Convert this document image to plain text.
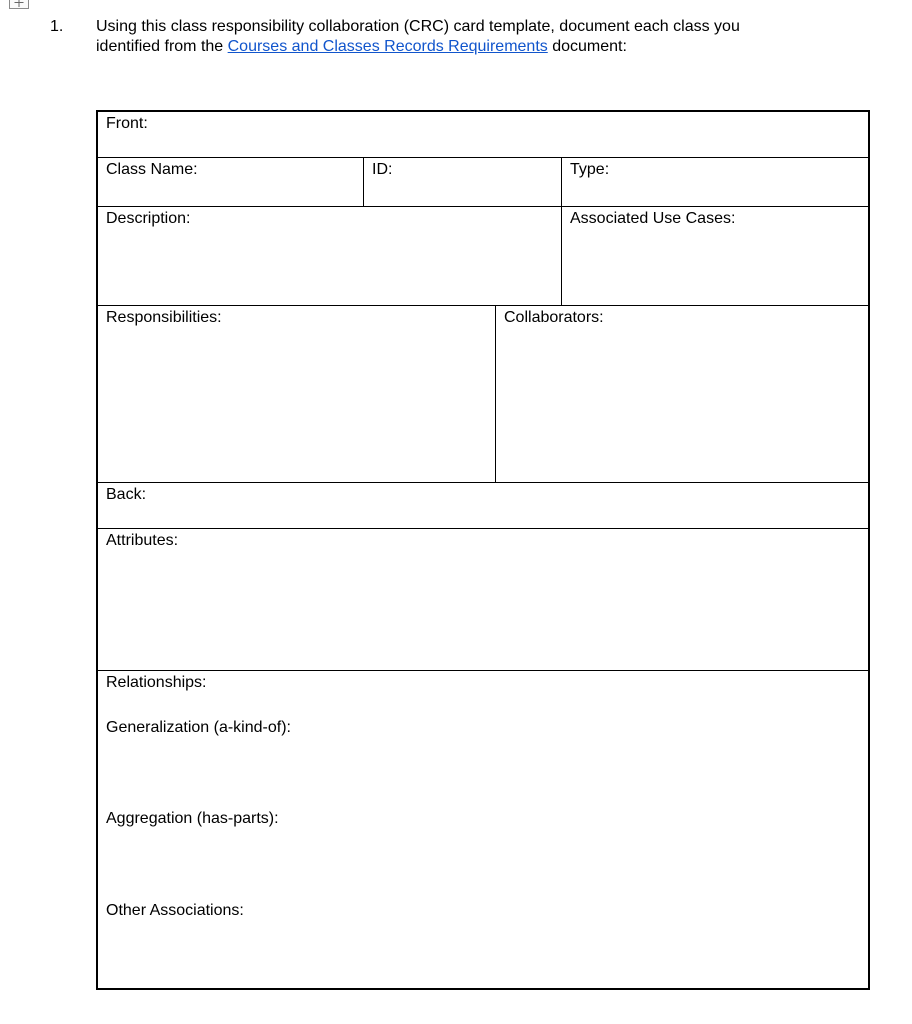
1. Using this class responsibility collaboration (CRC) card template, document each class you
identified from the Courses and Classes Records Requirements document:
Front:
Class Name:	ID:	Type:
Description:	Associated Use Cases:
Responsibilities:	Collaborators:
Back:
Attributes:
Relationships:
Generalization (a-kind-of):
Aggregation (has-parts):
Other Associations:
